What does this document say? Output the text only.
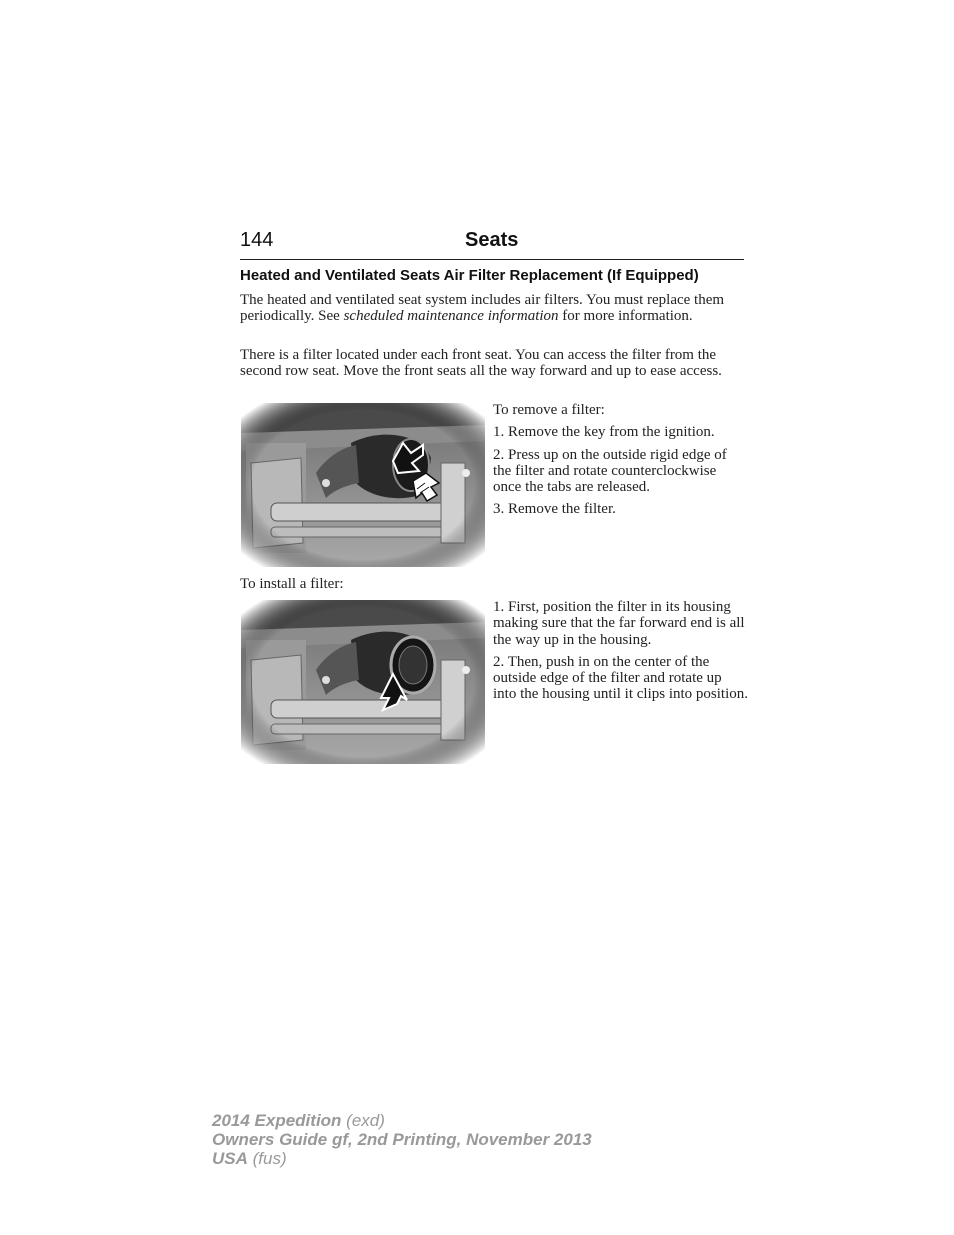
144	Seats
Heated and Ventilated Seats Air Filter Replacement (If Equipped)

The heated and ventilated seat system includes air filters. You must replace them periodically. See scheduled maintenance information for more information.

There is a filter located under each front seat. You can access the filter from the second row seat. Move the front seats all the way forward and up to ease access.

To remove a filter:

1. Remove the key from the ignition.

2. Press up on the outside rigid edge of the filter and rotate counterclockwise once the tabs are released.

3. Remove the filter.

To install a filter:

1. First, position the filter in its housing making sure that the far forward end is all the way up in the housing.

2. Then, push in on the center of the outside edge of the filter and rotate up into the housing until it clips into position.

2014 Expedition (exd)
Owners Guide gf, 2nd Printing, November 2013
USA (fus)
